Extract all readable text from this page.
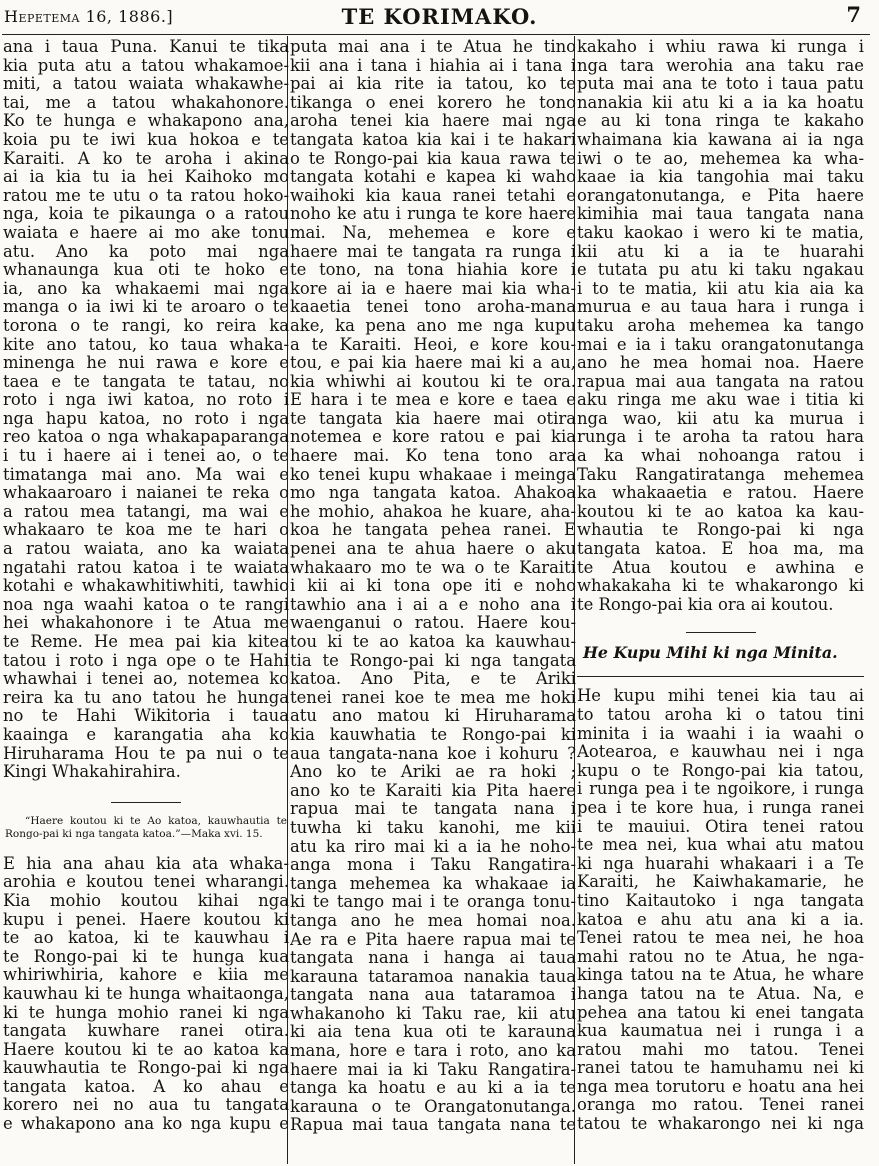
Hepetema 16, 1886.]	TE KORIMAKO.	7
ana i taua Puna. Kanui te tika
kia puta atu a tatou whakamoe-
miti, a tatou waiata whakawhe-
tai, me a tatou whakahonore.
Ko te hunga e whakapono ana,
koia pu te iwi kua hokoa e te
Karaiti. A ko te aroha i akina
ai ia kia tu ia hei Kaihoko mo
ratou me te utu o ta ratou hoko-
nga, koia te pikaunga o a ratou
waiata e haere ai mo ake tonu
atu. Ano ka poto mai nga
whanaunga kua oti te hoko e
ia, ano ka whakaemi mai nga
manga o ia iwi ki te aroaro o te
torona o te rangi, ko reira ka
kite ano tatou, ko taua whaka-
minenga he nui rawa e kore e
taea e te tangata te tatau, no
roto i nga iwi katoa, no roto i
nga hapu katoa, no roto i nga
reo katoa o nga whakapaparanga
i tu i haere ai i tenei ao, o te
timatanga mai ano. Ma wai e
whakaaroaro i naianei te reka o
a ratou mea tatangi, ma wai e
whakaaro te koa me te hari o
a ratou waiata, ano ka waiata
ngatahi ratou katoa i te waiata
kotahi e whakawhitiwhiti, tawhio
noa nga waahi katoa o te rangi
hei whakahonore i te Atua me
te Reme. He mea pai kia kitea
tatou i roto i nga ope o te Hahi
whawhai i tenei ao, notemea ko
reira ka tu ano tatou he hunga
no te Hahi Wikitoria i taua
kaainga e karangatia aha ko
Hiruharama Hou te pa nui o te
Kingi Whakahirahira.
“Haere koutou ki te Ao katoa, kauwhautia te Rongo-pai ki nga tangata katoa.”—Maka xvi. 15.
E hia ana ahau kia ata whaka-
arohia e koutou tenei wharangi.
Kia mohio koutou kihai nga
kupu i penei. Haere koutou ki
te ao katoa, ki te kauwhau i
te Rongo-pai ki te hunga kua
whiriwhiria, kahore e kiia me
kauwhau ki te hunga whaitaonga,
ki te hunga mohio ranei ki nga
tangata kuwhare ranei otira.
Haere koutou ki te ao katoa ka
kauwhautia te Rongo-pai ki nga
tangata katoa. A ko ahau e
korero nei no aua tu tangata
e whakapono ana ko nga kupu e
puta mai ana i te Atua he tino
kii ana i tana i hiahia ai i tana i
pai ai kia rite ia tatou, ko te
tikanga o enei korero he tono
aroha tenei kia haere mai nga
tangata katoa kia kai i te hakari
o te Rongo-pai kia kaua rawa te
tangata kotahi e kapea ki waho
waihoki kia kaua ranei tetahi e
noho ke atu i runga te kore haere
mai. Na, mehemea e kore e
haere mai te tangata ra runga i
te tono, na tona hiahia kore i
kore ai ia e haere mai kia wha-
kaaetia tenei tono aroha-mana
ake, ka pena ano me nga kupu
a te Karaiti. Heoi, e kore kou-
tou, e pai kia haere mai ki a au,
kia whiwhi ai koutou ki te ora.
E hara i te mea e kore e taea e
te tangata kia haere mai otira
notemea e kore ratou e pai kia
haere mai. Ko tena tono ara
ko tenei kupu whakaae i meinga
mo nga tangata katoa. Ahakoa
he mohio, ahakoa he kuare, aha-
koa he tangata pehea ranei. E
penei ana te ahua haere o aku
whakaaro mo te wa o te Karaiti
i kii ai ki tona ope iti e noho
tawhio ana i ai a e noho ana i
waenganui o ratou. Haere kou-
tou ki te ao katoa ka kauwhau-
tia te Rongo-pai ki nga tangata
katoa. Ano Pita, e te Ariki
tenei ranei koe te mea me hoki
atu ano matou ki Hiruharama
kia kauwhatia te Rongo-pai ki
aua tangata-nana koe i kohuru ?
Ano ko te Ariki ae ra hoki ;
ano ko te Karaiti kia Pita haere
rapua mai te tangata nana i
tuwha ki taku kanohi, me kii
atu ka riro mai ki a ia he noho-
anga mona i Taku Rangatira-
tanga mehemea ka whakaae ia
ki te tango mai i te oranga tonu-
tanga ano he mea homai noa.
Ae ra e Pita haere rapua mai te
tangata nana i hanga ai taua
karauna tataramoa nanakia taua
tangata nana aua tataramoa i
whakanoho ki Taku rae, kii atu
ki aia tena kua oti te karauna
mana, hore e tara i roto, ano ka
haere mai ia ki Taku Rangatira-
tanga ka hoatu e au ki a ia te
karauna o te Orangatonutanga.
Rapua mai taua tangata nana te
kakaho i whiu rawa ki runga i
nga tara werohia ana taku rae
puta mai ana te toto i taua patu
nanakia kii atu ki a ia ka hoatu
e au ki tona ringa te kakaho
whaimana kia kawana ai ia nga
iwi o te ao, mehemea ka wha-
kaae ia kia tangohia mai taku
orangatonutanga, e Pita haere
kimihia mai taua tangata nana
taku kaokao i wero ki te matia,
kii atu ki a ia te huarahi
e tutata pu atu ki taku ngakau
i to te matia, kii atu kia aia ka
murua e au taua hara i runga i
taku aroha mehemea ka tango
mai e ia i taku orangatonutanga
ano he mea homai noa. Haere
rapua mai aua tangata na ratou
aku ringa me aku wae i titia ki
nga wao, kii atu ka murua i
runga i te aroha ta ratou hara
a ka whai nohoanga ratou i
Taku Rangatiratanga mehemea
ka whakaaetia e ratou. Haere
koutou ki te ao katoa ka kau-
whautia te Rongo-pai ki nga
tangata katoa. E hoa ma, ma
te Atua koutou e awhina e
whakakaha ki te whakarongo ki
te Rongo-pai kia ora ai koutou.
He Kupu Mihi ki nga Minita.
He kupu mihi tenei kia tau ai
to tatou aroha ki o tatou tini
minita i ia waahi i ia waahi o
Aotearoa, e kauwhau nei i nga
kupu o te Rongo-pai kia tatou,
i runga pea i te ngoikore, i runga
pea i te kore hua, i runga ranei
i te mauiui. Otira tenei ratou
te mea nei, kua whai atu matou
ki nga huarahi whakaari i a Te
Karaiti, he Kaiwhakamarie, he
tino Kaitautoko i nga tangata
katoa e ahu atu ana ki a ia.
Tenei ratou te mea nei, he hoa
mahi ratou no te Atua, he nga-
kinga tatou na te Atua, he whare
hanga tatou na te Atua. Na, e
pehea ana tatou ki enei tangata
kua kaumatua nei i runga i a
ratou mahi mo tatou. Tenei
ranei tatou te hamuhamu nei ki
nga mea torutoru e hoatu ana hei
oranga mo ratou. Tenei ranei
tatou te whakarongo nei ki nga
